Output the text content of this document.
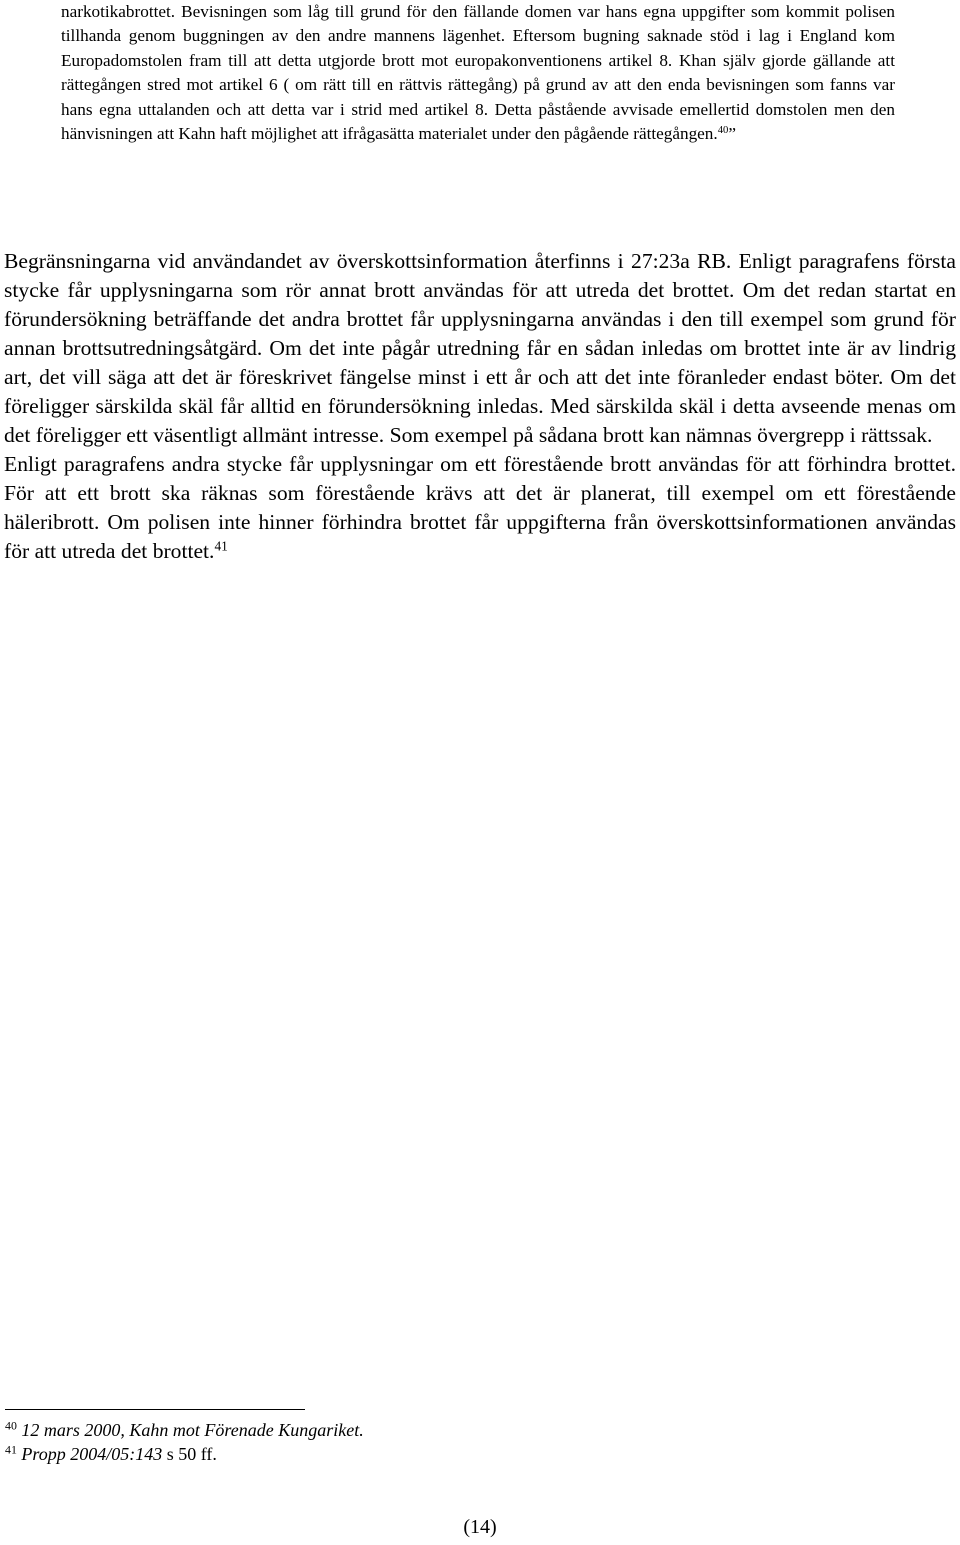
narkotikabrottet. Bevisningen som låg till grund för den fällande domen var hans egna uppgifter som kommit polisen tillhanda genom buggningen av den andre mannens lägenhet. Eftersom bugning saknade stöd i lag i England kom Europadomstolen fram till att detta utgjorde brott mot europakonventionens artikel 8. Khan själv gjorde gällande att rättegången stred mot artikel 6 ( om rätt till en rättvis rättegång) på grund av att den enda bevisningen som fanns var hans egna uttalanden och att detta var i strid med artikel 8. Detta påstående avvisade emellertid domstolen men den hänvisningen att Kahn haft möjlighet att ifrågasätta materialet under den pågående rättegången.$^{40}$”

Begränsningarna vid användandet av överskottsinformation återfinns i 27:23a RB. Enligt paragrafens första stycke får upplysningarna som rör annat brott användas för att utreda det brottet. Om det redan startat en förundersökning beträffande det andra brottet får upplysningarna användas i den till exempel som grund för annan brottsutredningsåtgärd. Om det inte pågår utredning får en sådan inledas om brottet inte är av lindrig art, det vill säga att det är föreskrivet fängelse minst i ett år och att det inte föranleder endast böter. Om det föreligger särskilda skäl får alltid en förundersökning inledas. Med särskilda skäl i detta avseende menas om det föreligger ett väsentligt allmänt intresse. Som exempel på sådana brott kan nämnas övergrepp i rättssak.

Enligt paragrafens andra stycke får upplysningar om ett förestående brott användas för att förhindra brottet. För att ett brott ska räknas som förestående krävs att det är planerat, till exempel om ett förestående häleribrott. Om polisen inte hinner förhindra brottet får uppgifterna från överskottsinformationen användas för att utreda det brottet.$^{41}$

$^{40}$ 12 mars 2000, Kahn mot Förenade Kungariket.
$^{41}$ Propp 2004/05:143 s 50 ff.
(14)
